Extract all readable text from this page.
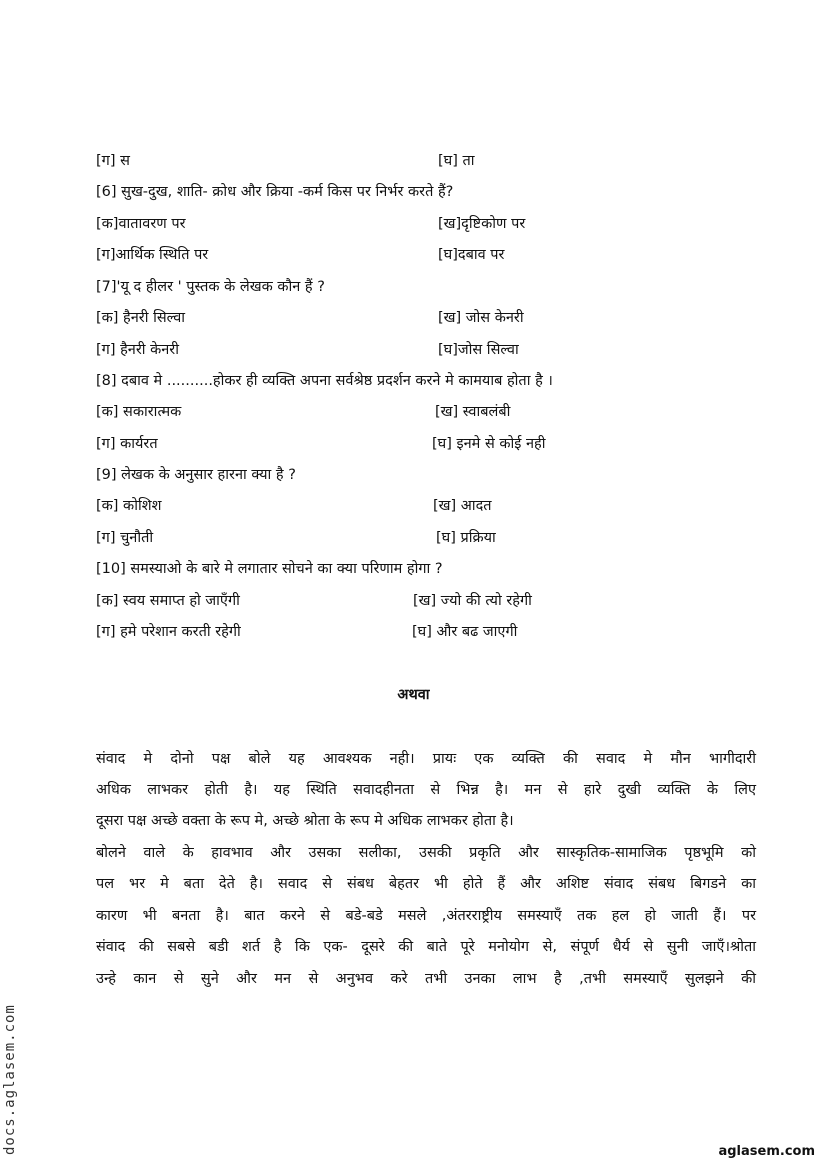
[ग] स	[घ] ता
[6] सुख-दुख, शाति- क्रोध और क्रिया -कर्म किस पर निर्भर करते हैं?
[क]वातावरण पर	[ख]दृष्टिकोण पर
[ग]आर्थिक स्थिति पर	[घ]दबाव पर
[7]'यू द हीलर ' पुस्तक के लेखक कौन हैं ?
[क] हैनरी सिल्वा	[ख] जोस केनरी
[ग] हैनरी केनरी	[घ]जोस सिल्वा
[8] दबाव मे ..........होकर ही व्यक्ति अपना सर्वश्रेष्ठ प्रदर्शन करने मे कामयाब होता है ।
[क] सकारात्मक	[ख] स्वाबलंबी
[ग] कार्यरत	[घ] इनमे से कोई नही
[9] लेखक के अनुसार हारना क्या है ?
[क] कोशिश	[ख] आदत
[ग] चुनौती	[घ] प्रक्रिया
[10] समस्याओ के बारे मे लगातार सोचने का क्या परिणाम होगा ?
[क] स्वय समाप्त हो जाएँगी	[ख] ज्यो की त्यो रहेगी
[ग] हमे परेशान करती रहेगी	[घ] और बढ जाएगी
अथवा
संवाद मे दोनो पक्ष बोले यह आवश्यक नही। प्रायः एक व्यक्ति की सवाद मे मौन भागीदारी
अधिक लाभकर होती है। यह स्थिति सवादहीनता से भिन्न है। मन से हारे दुखी व्यक्ति के लिए
दूसरा पक्ष अच्छे वक्ता के रूप मे, अच्छे श्रोता के रूप मे अधिक लाभकर होता है।
बोलने वाले के हावभाव और उसका सलीका, उसकी प्रकृति और सास्कृतिक-सामाजिक पृष्ठभूमि को
पल भर मे बता देते है। सवाद से संबध बेहतर भी होते हैं और अशिष्ट संवाद संबध बिगडने का
कारण भी बनता है। बात करने से बडे-बडे मसले ,अंतरराष्ट्रीय समस्याएँ तक हल हो जाती हैं। पर
संवाद की सबसे बडी शर्त है कि एक- दूसरे की बाते पूरे मनोयोग से, संपूर्ण धैर्य से सुनी जाएँ।श्रोता
उन्हे कान से सुने और मन से अनुभव करे तभी उनका लाभ है ,तभी समस्याएँ सुलझने की
docs.aglasem.com	aglasem.com
